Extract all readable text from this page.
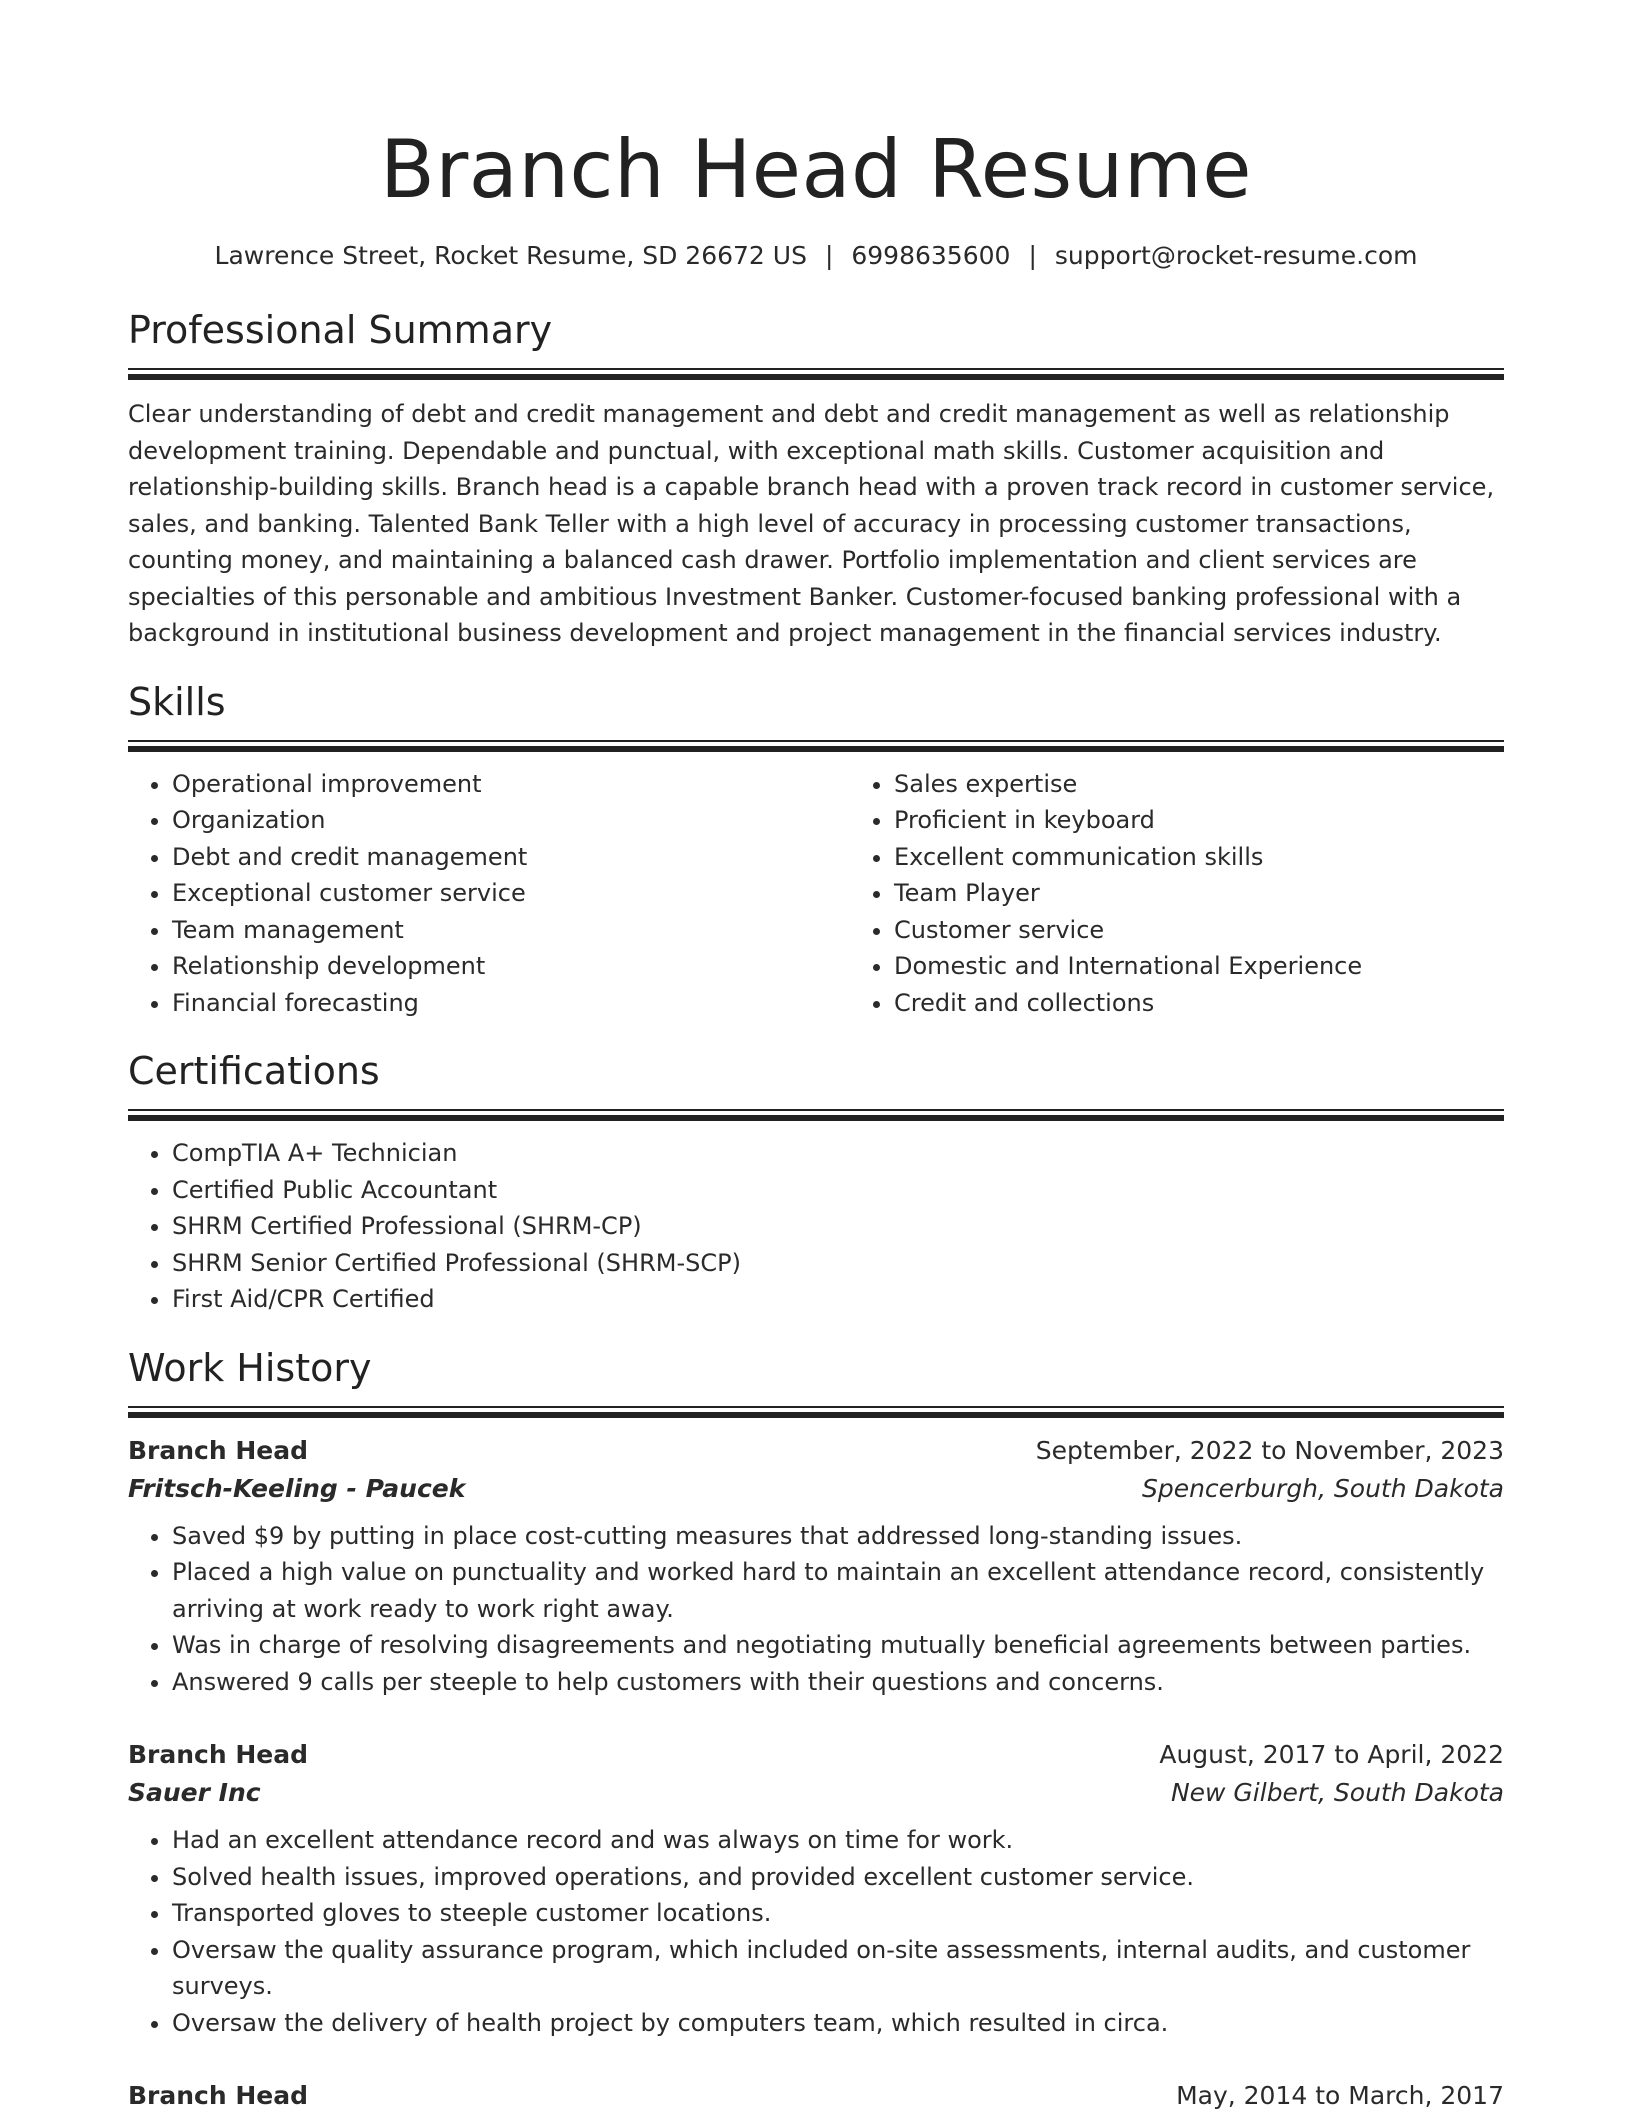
Branch Head Resume
Lawrence Street, Rocket Resume, SD 26672 US | 6998635600 | support@rocket-resume.com
Professional Summary
Clear understanding of debt and credit management and debt and credit management as well as relationship development training. Dependable and punctual, with exceptional math skills. Customer acquisition and relationship-building skills. Branch head is a capable branch head with a proven track record in customer service, sales, and banking. Talented Bank Teller with a high level of accuracy in processing customer transactions, counting money, and maintaining a balanced cash drawer. Portfolio implementation and client services are specialties of this personable and ambitious Investment Banker. Customer-focused banking professional with a background in institutional business development and project management in the financial services industry.
Skills
• Operational improvement
• Organization
• Debt and credit management
• Exceptional customer service
• Team management
• Relationship development
• Financial forecasting
• Sales expertise
• Proficient in keyboard
• Excellent communication skills
• Team Player
• Customer service
• Domestic and International Experience
• Credit and collections
Certifications
• CompTIA A+ Technician
• Certified Public Accountant
• SHRM Certified Professional (SHRM-CP)
• SHRM Senior Certified Professional (SHRM-SCP)
• First Aid/CPR Certified
Work History
Branch Head	September, 2022 to November, 2023
Fritsch-Keeling - Paucek	Spencerburgh, South Dakota
• Saved $9 by putting in place cost-cutting measures that addressed long-standing issues.
• Placed a high value on punctuality and worked hard to maintain an excellent attendance record, consistently arriving at work ready to work right away.
• Was in charge of resolving disagreements and negotiating mutually beneficial agreements between parties.
• Answered 9 calls per steeple to help customers with their questions and concerns.
Branch Head	August, 2017 to April, 2022
Sauer Inc	New Gilbert, South Dakota
• Had an excellent attendance record and was always on time for work.
• Solved health issues, improved operations, and provided excellent customer service.
• Transported gloves to steeple customer locations.
• Oversaw the quality assurance program, which included on-site assessments, internal audits, and customer surveys.
• Oversaw the delivery of health project by computers team, which resulted in circa.
Branch Head	May, 2014 to March, 2017
